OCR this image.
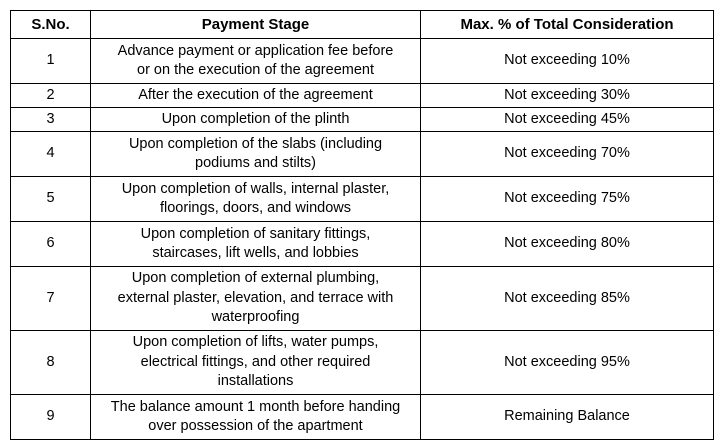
S.No.	Payment Stage	Max. % of Total Consideration
1	Advance payment or application fee before
or on the execution of the agreement	Not exceeding 10%
2	After the execution of the agreement	Not exceeding 30%
3	Upon completion of the plinth	Not exceeding 45%
4	Upon completion of the slabs (including
podiums and stilts)	Not exceeding 70%
5	Upon completion of walls, internal plaster,
floorings, doors, and windows	Not exceeding 75%
6	Upon completion of sanitary fittings,
staircases, lift wells, and lobbies	Not exceeding 80%
7	Upon completion of external plumbing,
external plaster, elevation, and terrace with
waterproofing	Not exceeding 85%
8	Upon completion of lifts, water pumps,
electrical fittings, and other required
installations	Not exceeding 95%
9	The balance amount 1 month before handing
over possession of the apartment	Remaining Balance
